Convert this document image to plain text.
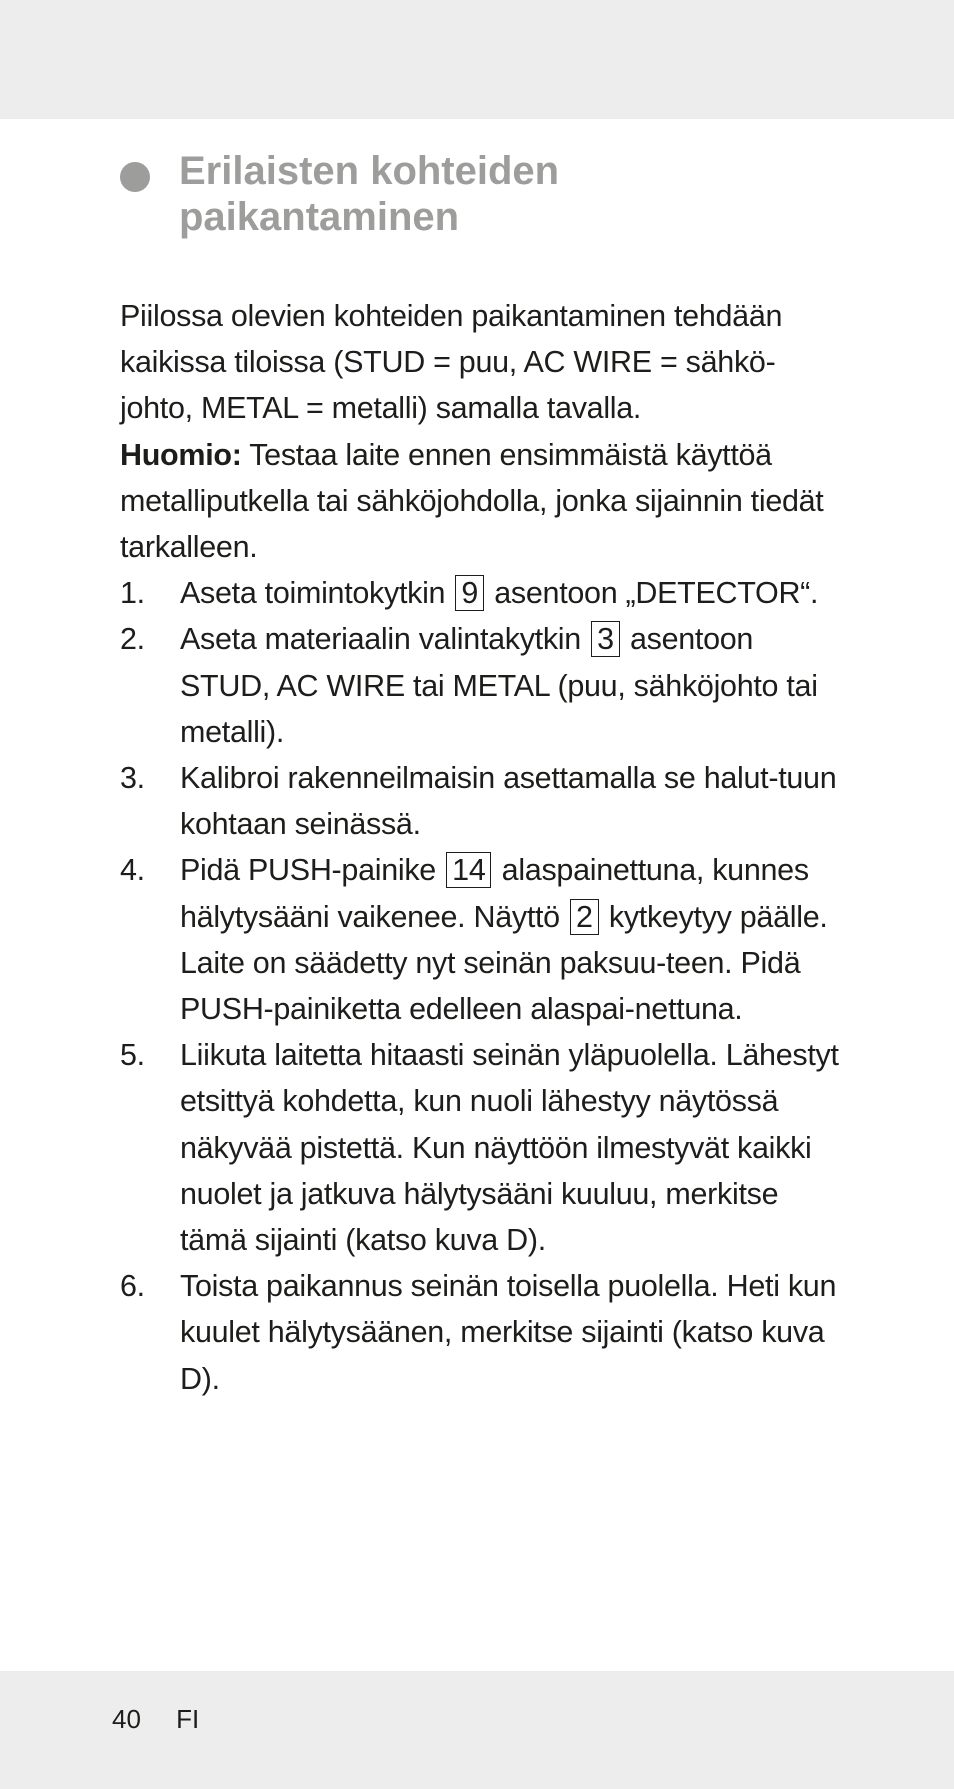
Erilaisten kohteiden
paikantaminen

Piilossa olevien kohteiden paikantaminen tehdään kaikissa tiloissa (STUD = puu, AC WIRE = sähkö-johto, METAL = metalli) samalla tavalla.

Huomio: Testaa laite ennen ensimmäistä käyttöä metalliputkella tai sähköjohdolla, jonka sijainnin tiedät tarkalleen.

1. Aseta toimintokytkin 9 asentoon „DETECTOR“.
2. Aseta materiaalin valintakytkin 3 asentoon STUD, AC WIRE tai METAL (puu, sähköjohto tai metalli).
3. Kalibroi rakenneilmaisin asettamalla se halut-tuun kohtaan seinässä.
4. Pidä PUSH-painike 14 alaspainettuna, kunnes hälytysääni vaikenee. Näyttö 2 kytkeytyy päälle. Laite on säädetty nyt seinän paksuu-teen. Pidä PUSH-painiketta edelleen alaspai-nettuna.
5. Liikuta laitetta hitaasti seinän yläpuolella. Lähestyt etsittyä kohdetta, kun nuoli lähestyy näytössä näkyvää pistettä. Kun näyttöön ilmestyvät kaikki nuolet ja jatkuva hälytysääni kuuluu, merkitse tämä sijainti (katso kuva D).
6. Toista paikannus seinän toisella puolella. Heti kun kuulet hälytysäänen, merkitse sijainti (katso kuva D).
40 FI
